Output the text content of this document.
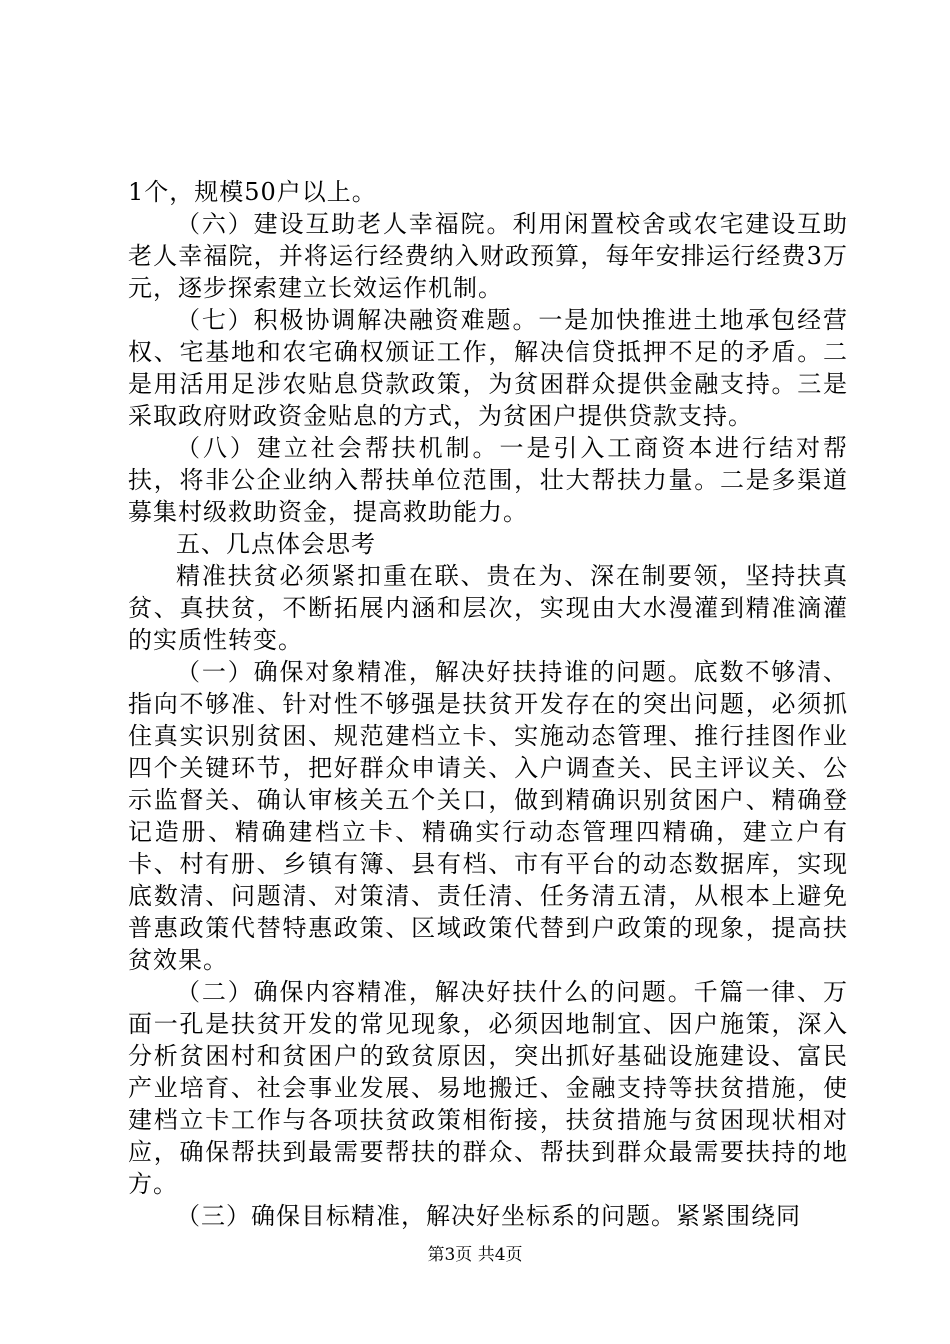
1个，规模50户以上。

（六）建设互助老人幸福院。利用闲置校舍或农宅建设互助老人幸福院，并将运行经费纳入财政预算，每年安排运行经费3万元，逐步探索建立长效运作机制。

（七）积极协调解决融资难题。一是加快推进土地承包经营权、宅基地和农宅确权颁证工作，解决信贷抵押不足的矛盾。二是用活用足涉农贴息贷款政策，为贫困群众提供金融支持。三是采取政府财政资金贴息的方式，为贫困户提供贷款支持。

（八）建立社会帮扶机制。一是引入工商资本进行结对帮扶，将非公企业纳入帮扶单位范围，壮大帮扶力量。二是多渠道募集村级救助资金，提高救助能力。

五、几点体会思考

精准扶贫必须紧扣重在联、贵在为、深在制要领，坚持扶真贫、真扶贫，不断拓展内涵和层次，实现由大水漫灌到精准滴灌的实质性转变。

（一）确保对象精准，解决好扶持谁的问题。底数不够清、指向不够准、针对性不够强是扶贫开发存在的突出问题，必须抓住真实识别贫困、规范建档立卡、实施动态管理、推行挂图作业四个关键环节，把好群众申请关、入户调查关、民主评议关、公示监督关、确认审核关五个关口，做到精确识别贫困户、精确登记造册、精确建档立卡、精确实行动态管理四精确，建立户有卡、村有册、乡镇有簿、县有档、市有平台的动态数据库，实现底数清、问题清、对策清、责任清、任务清五清，从根本上避免普惠政策代替特惠政策、区域政策代替到户政策的现象，提高扶贫效果。

（二）确保内容精准，解决好扶什么的问题。千篇一律、万面一孔是扶贫开发的常见现象，必须因地制宜、因户施策，深入分析贫困村和贫困户的致贫原因，突出抓好基础设施建设、富民产业培育、社会事业发展、易地搬迁、金融支持等扶贫措施，使建档立卡工作与各项扶贫政策相衔接，扶贫措施与贫困现状相对应，确保帮扶到最需要帮扶的群众、帮扶到群众最需要扶持的地方。

（三）确保目标精准，解决好坐标系的问题。紧紧围绕同

第3页 共4页
